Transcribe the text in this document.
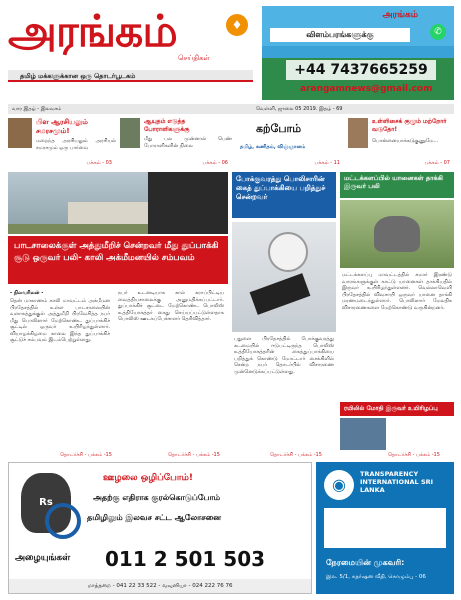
அரங்கம்
செய்திகள்
♦
தமிழ் மக்களுக்கான ஒரு தொடர்பூடகம்
அரங்கம்
✆
விளம்பரங்களுக்கு
+44 7437665259
arangamnews@gmail.com
வார இதழ் - இலவசம்	வெள்ளி, ஜுலை 05 2019. இதழ் - 69
பிள ஆரசியலும் சமரசமும்!
மறைந்த அரசியலும் அரசியல் சமரசமும் ஒரு பார்வை
பக்கம் - 03
ஆயுதம் எடுத்த போராளிகளுக்கு
மீது பல முன்னால் பெண் போராளிகளின் நிலை
பக்கம் - 06
கற்போம்
தமிழ், கணிதம், விஞ்ஞானம்
பக்கம் - 11
உள்ளிசைக் குழும் மற்றோர் வடுதோ!
பொன்னையாக்கடுகுணுமே...
பக்கம் - 07
பாடசாலைக்குள் அத்துமீறிச் சென்றவர் மீது துப்பாக்கி சூடு ஒருவர் பலி- காலி அக்மீமனயில் சம்பவம்
- நிலவரிலன் -
தென் மாகாணம் காலி மாவட்டம் அக்மீமன பிரதேசத்தில் உள்ள பாடசாலையின் வளாகத்துக்குள் அத்துமீறி பிரவேசித்த நபர் மீது பொலிஸார் மேற்கொண்ட துப்பாக்கிச் சூட்டில் ஒருவர் உயிரிழந்துள்ளார். வியாழக்கிழமை காலை இந்த துப்பாக்கிச் சூட்டுச் சம்பவம் இடம்பெற்றுள்ளது.
நபர் உடனடியாக கால் கராப்பிட்டிய வைத்தியசாலைக்கு அனுமதிக்கப்பட்டார். துப்பாக்கிச் சூட்டை மேற்கொண்ட பொலிஸ் உத்தியோகத்தர் கைது செய்யப்பட்டுள்ளதாக பொலிஸ் ஊடகப்பேச்சாளர் தெரிவித்தார்.
தொடர்ச்சி - பக்கம் -15	தொடர்ச்சி - பக்கம் -15
போக்குவரத்து பொலிசாரின் கைத் துப்பாக்கியை பறித்துச் சென்றவர்
பதுளை பிரதேசத்தில் போக்குவரத்து கடமையில் ஈடுபட்டிருந்த பொலிஸ் உத்தியோகத்தரின் கைத்துப்பாக்கியை பறித்துக் கொண்டு மோட்டார் சைக்கிளில் சென்ற நபர் தொடர்பில் விசாரணை முன்னெடுக்கப்பட்டுள்ளது.
தொடர்ச்சி - பக்கம் -15
மட்டக்களப்பில் யானைகள் தாக்கி இருவர் பலி
மட்டக்களப்பு மாவட்டத்தில் சுமார் இரண்டு வாரங்களுக்குள் காட்டு யானைகள் தாக்கியதில் இருவர் உயிரிழந்துள்ளனர். வெல்லாவெளி பிரதேசத்தில் விவசாயி ஒருவர் யானை தாக்கி மரணமடைந்துள்ளார். பொலிஸார் மேலதிக விசாரணைகளை மேற்கொண்டு வருகின்றனர்.
ரயிலில் மோதி இருவர் உயிரிழப்பு
தொடர்ச்சி - பக்கம் -15
Rs
ஊழலை ஒழிப்போம்!
அதற்கு எதிராக குரல்கொடுப்போம்
தமிழிலும் இலவச சட்ட ஆலோசனை
அழையுங்கள் 011 2 501 503
மாத்தறை - 041 22 33 522 - வவுனியா - 024 222 76 76
◉
TRANSPARENCY INTERNATIONAL SRI LANKA
நேரமையின் முகவரி:
இல. 5/1, சுதர்ஷன வீதி, கொழும்பு - 06
